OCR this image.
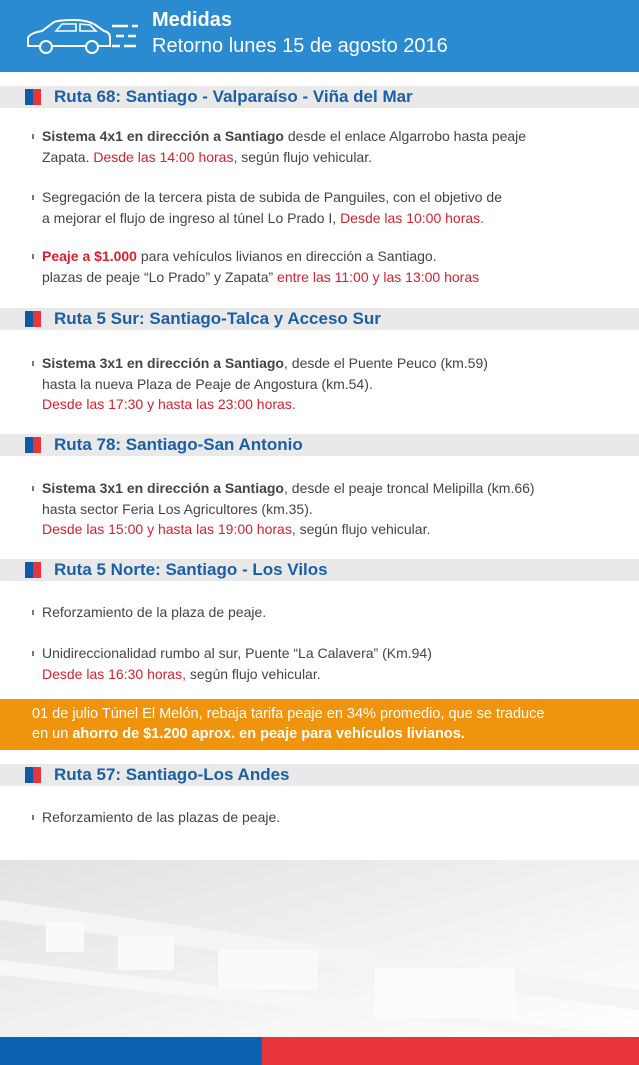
Medidas
Retorno lunes 15 de agosto 2016
Ruta 68: Santiago - Valparaíso - Viña del Mar
Sistema 4x1 en dirección a Santiago desde el enlace Algarrobo hasta peaje
Zapata. Desde las 14:00 horas, según flujo vehicular.
Segregación de la tercera pista de subida de Panguiles, con el objetivo de
a mejorar el flujo de ingreso al túnel Lo Prado I, Desde las 10:00 horas.
Peaje a $1.000 para vehículos livianos en dirección a Santiago.
plazas de peaje “Lo Prado” y Zapata” entre las 11:00 y las 13:00 horas
Ruta 5 Sur: Santiago-Talca y Acceso Sur
Sistema 3x1 en dirección a Santiago, desde el Puente Peuco (km.59)
hasta la nueva Plaza de Peaje de Angostura (km.54).
Desde las 17:30 y hasta las 23:00 horas.
Ruta 78: Santiago-San Antonio
Sistema 3x1 en dirección a Santiago, desde el peaje troncal Melipilla (km.66)
hasta sector Feria Los Agricultores (km.35).
Desde las 15:00 y hasta las 19:00 horas, según flujo vehicular.
Ruta 5 Norte: Santiago - Los Vilos
Reforzamiento de la plaza de peaje.
Unidireccionalidad rumbo al sur, Puente “La Calavera” (Km.94)
Desde las 16:30 horas, según flujo vehicular.
Ruta 57: Santiago-Los Andes
Reforzamiento de las plazas de peaje.
01 de julio Túnel El Melón, rebaja tarifa peaje en 34% promedio, que se traduce
en un ahorro de $1.200 aprox. en peaje para vehículos livianos.
